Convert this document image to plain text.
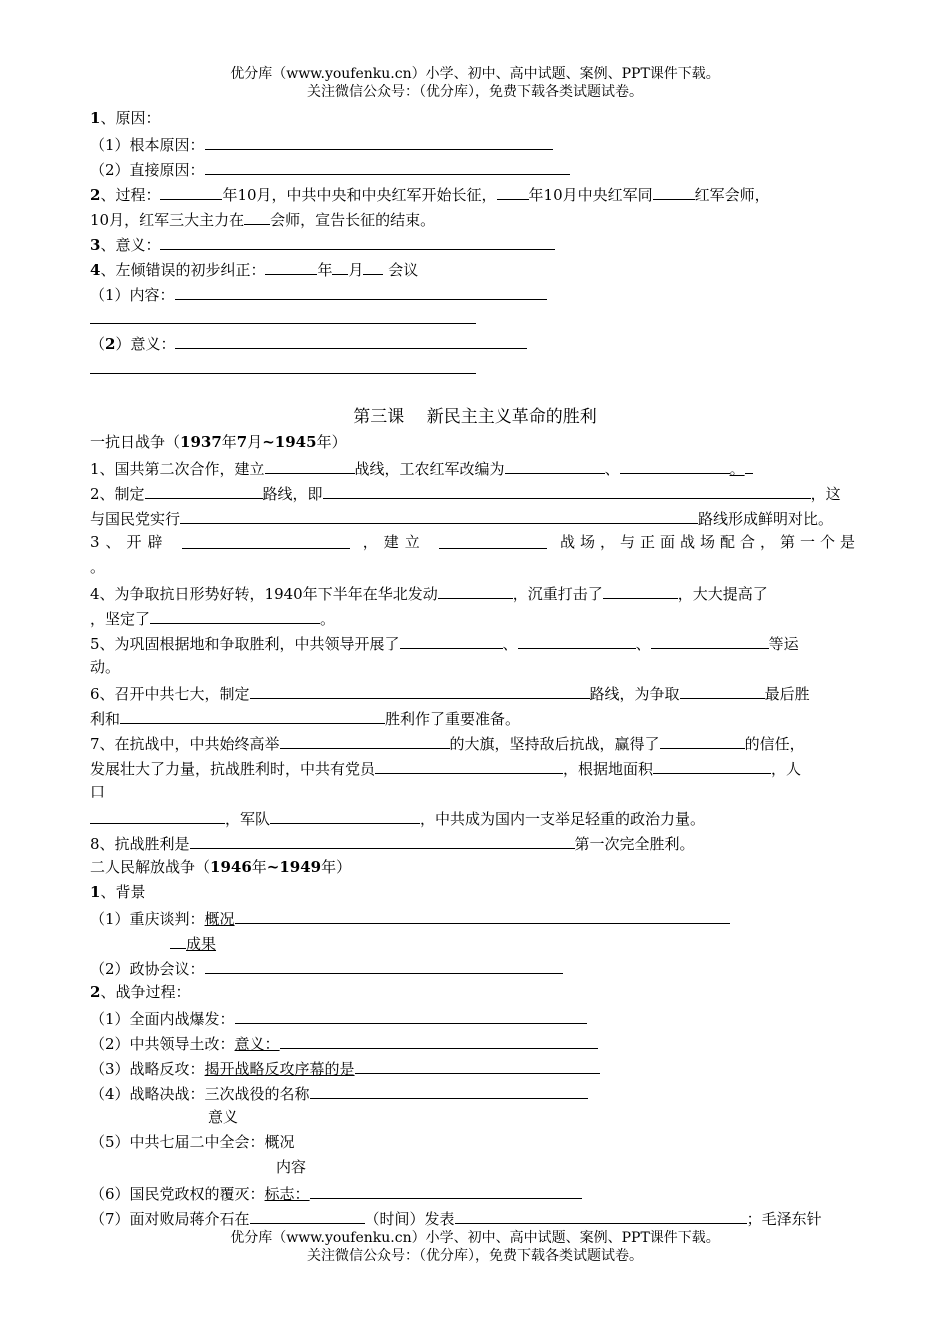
优分库（www.youfenku.cn）小学、初中、高中试题、案例、PPT课件下载。
关注微信公众号：（优分库），免费下载各类试题试卷。
1、原因：
（1）根本原因：
（2）直接原因：
2、过程：	年10月，中共中央和中央红军开始长征， 年10月中央红军同	红军会师，
10月，红军三大主力在 会师，宣告长征的结束。
3、意义：
4、左倾错误的初步纠正：	年 月 会议
（1）内容：
（2）意义：
第三课　 新民主主义革命的胜利
一抗日战争（1937年7月~1945年）
1、国共第二次合作，建立	战线，工农红军改编为	、	。
2、制定	路线，即	，这
与国民党实行	路线形成鲜明对比。
3、开辟	，建立	战场，与正面战场配合，第一个是
。
4、为争取抗日形势好转，1940年下半年在华北发动	，沉重打击了	，大大提高了
，坚定了	。
5、为巩固根据地和争取胜利，中共领导开展了	、	、	等运
动。
6、召开中共七大，制定	路线，为争取	最后胜
利和	胜利作了重要准备。
7、在抗战中，中共始终高举	的大旗，坚持敌后抗战，赢得了	的信任，
发展壮大了力量，抗战胜利时，中共有党员	，根据地面积	，人
口
，军队	，中共成为国内一支举足轻重的政治力量。
8、抗战胜利是	第一次完全胜利。
二人民解放战争（1946年~1949年）
1、背景
（1）重庆谈判：概况
成果
（2）政协会议：
2、战争过程：
（1）全面内战爆发：
（2）中共领导土改：意义：
（3）战略反攻：揭开战略反攻序幕的是
（4）战略决战：三次战役的名称
意义
（5）中共七届二中全会：概况
内容
（6）国民党政权的覆灭：标志：
（7）面对败局蒋介石在	（时间）发表	；毛泽东针
优分库（www.youfenku.cn）小学、初中、高中试题、案例、PPT课件下载。
关注微信公众号：（优分库），免费下载各类试题试卷。
